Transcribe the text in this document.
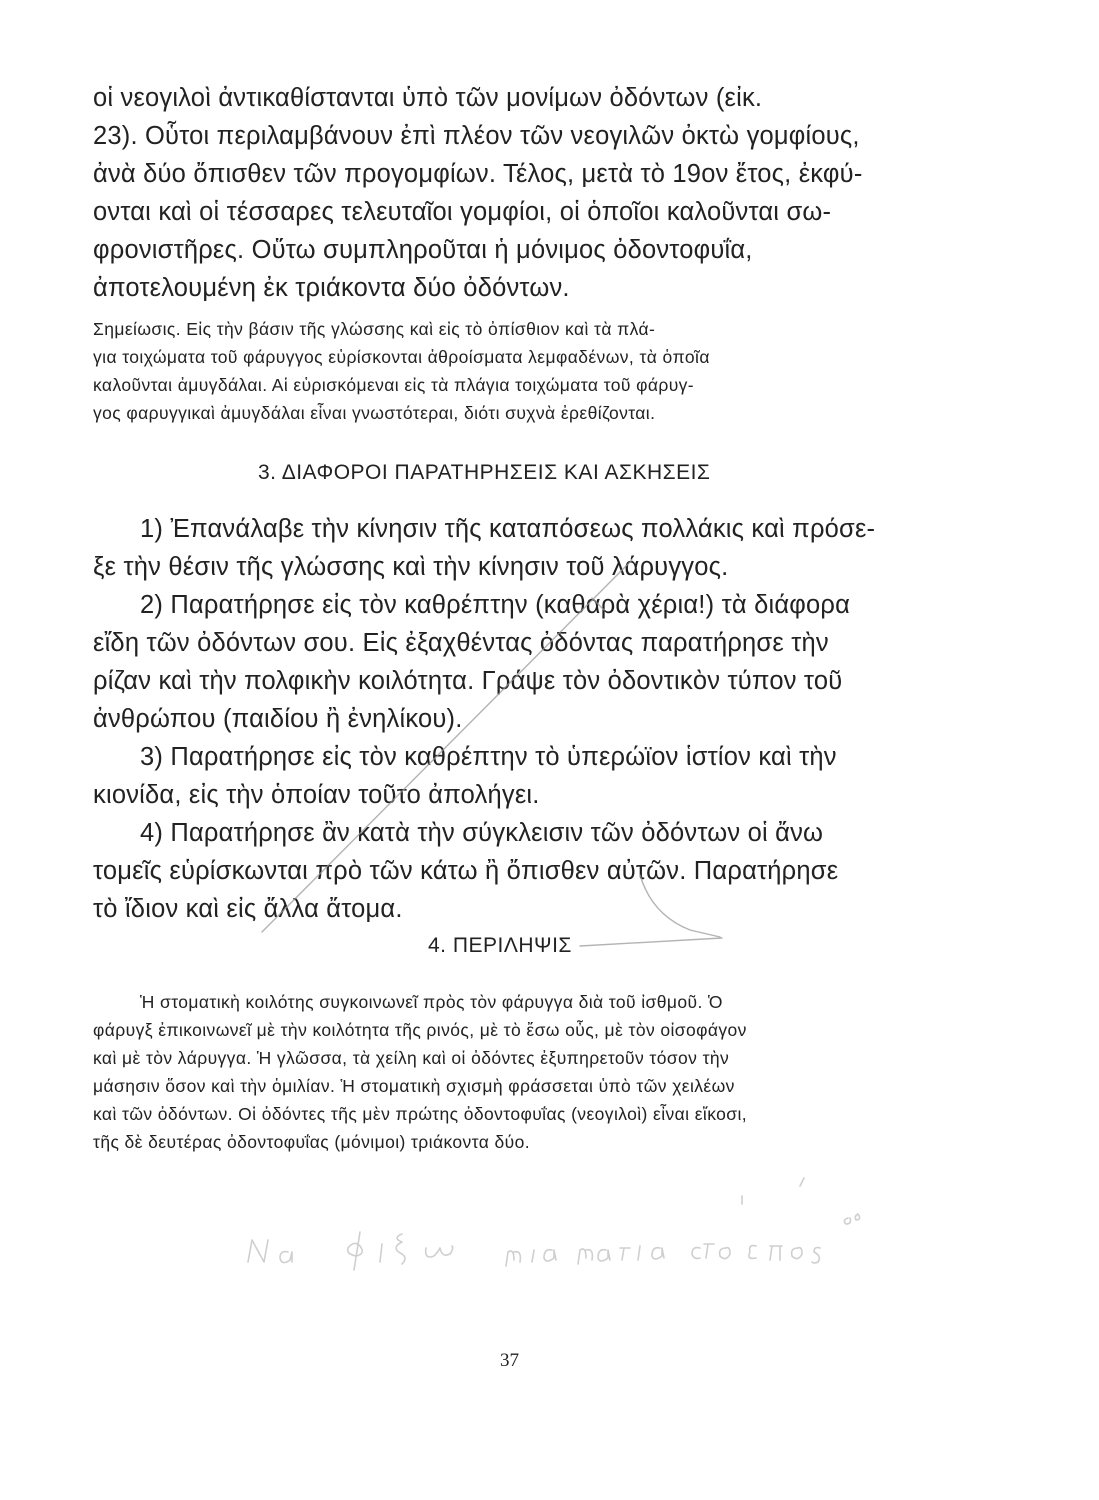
οἱ νεογιλοὶ ἀντικαθίστανται ὑπὸ τῶν μονίμων ὀδόντων (εἰκ.

23). Οὗτοι περιλαμβάνουν ἐπὶ πλέον τῶν νεογιλῶν ὀκτὼ γομφίους,

ἀνὰ δύο ὄπισθεν τῶν προγομφίων. Τέλος, μετὰ τὸ 19ον ἔτος, ἐκφύ-

ονται καὶ οἱ τέσσαρες τελευταῖοι γομφίοι, οἱ ὁποῖοι καλοῦνται σω-

φρονιστῆρες. Οὕτω συμπληροῦται ἡ μόνιμος ὀδοντοφυΐα,

ἀποτελουμένη ἐκ τριάκοντα δύο ὀδόντων.

Σημείωσις. Εἰς τὴν βάσιν τῆς γλώσσης καὶ εἰς τὸ ὀπίσθιον καὶ τὰ πλά-

για τοιχώματα τοῦ φάρυγγος εὑρίσκονται ἀθροίσματα λεμφαδένων, τὰ ὁποῖα

καλοῦνται ἀμυγδάλαι. Αἱ εὑρισκόμεναι εἰς τὰ πλάγια τοιχώματα τοῦ φάρυγ-

γος φαρυγγικαὶ ἀμυγδάλαι εἶναι γνωστότεραι, διότι συχνὰ ἐρεθίζονται.

3. ΔΙΑΦΟΡΟΙ ΠΑΡΑΤΗΡΗΣΕΙΣ ΚΑΙ ΑΣΚΗΣΕΙΣ

1) Ἐπανάλαβε τὴν κίνησιν τῆς καταπόσεως πολλάκις καὶ πρόσε-

ξε τὴν θέσιν τῆς γλώσσης καὶ τὴν κίνησιν τοῦ λάρυγγος.

2) Παρατήρησε εἰς τὸν καθρέπτην (καθαρὰ χέρια!) τὰ διάφορα

εἴδη τῶν ὀδόντων σου. Εἰς ἐξαχθέντας ὀδόντας παρατήρησε τὴν

ρίζαν καὶ τὴν πολφικὴν κοιλότητα. Γράψε τὸν ὀδοντικὸν τύπον τοῦ

ἀνθρώπου (παιδίου ἢ ἐνηλίκου).

3) Παρατήρησε εἰς τὸν καθρέπτην τὸ ὑπερώϊον ἱστίον καὶ τὴν

κιονίδα, εἰς τὴν ὁποίαν τοῦτο ἀπολήγει.

4) Παρατήρησε ἂν κατὰ τὴν σύγκλεισιν τῶν ὀδόντων οἱ ἄνω

τομεῖς εὑρίσκωνται πρὸ τῶν κάτω ἢ ὄπισθεν αὐτῶν. Παρατήρησε

τὸ ἴδιον καὶ εἰς ἄλλα ἄτομα.

4. ΠΕΡΙΛΗΨΙΣ

Ἡ στοματικὴ κοιλότης συγκοινωνεῖ πρὸς τὸν φάρυγγα διὰ τοῦ ἰσθμοῦ. Ὁ

φάρυγξ ἐπικοινωνεῖ μὲ τὴν κοιλότητα τῆς ρινός, μὲ τὸ ἔσω οὖς, μὲ τὸν οἰσοφάγον

καὶ μὲ τὸν λάρυγγα. Ἡ γλῶσσα, τὰ χείλη καὶ οἱ ὀδόντες ἐξυπηρετοῦν τόσον τὴν

μάσησιν ὅσον καὶ τὴν ὁμιλίαν. Ἡ στοματικὴ σχισμὴ φράσσεται ὑπὸ τῶν χειλέων

καὶ τῶν ὀδόντων. Οἱ ὀδόντες τῆς μὲν πρώτης ὀδοντοφυΐας (νεογιλοὶ) εἶναι εἴκοσι,

τῆς δὲ δευτέρας ὀδοντοφυΐας (μόνιμοι) τριάκοντα δύο.

37
